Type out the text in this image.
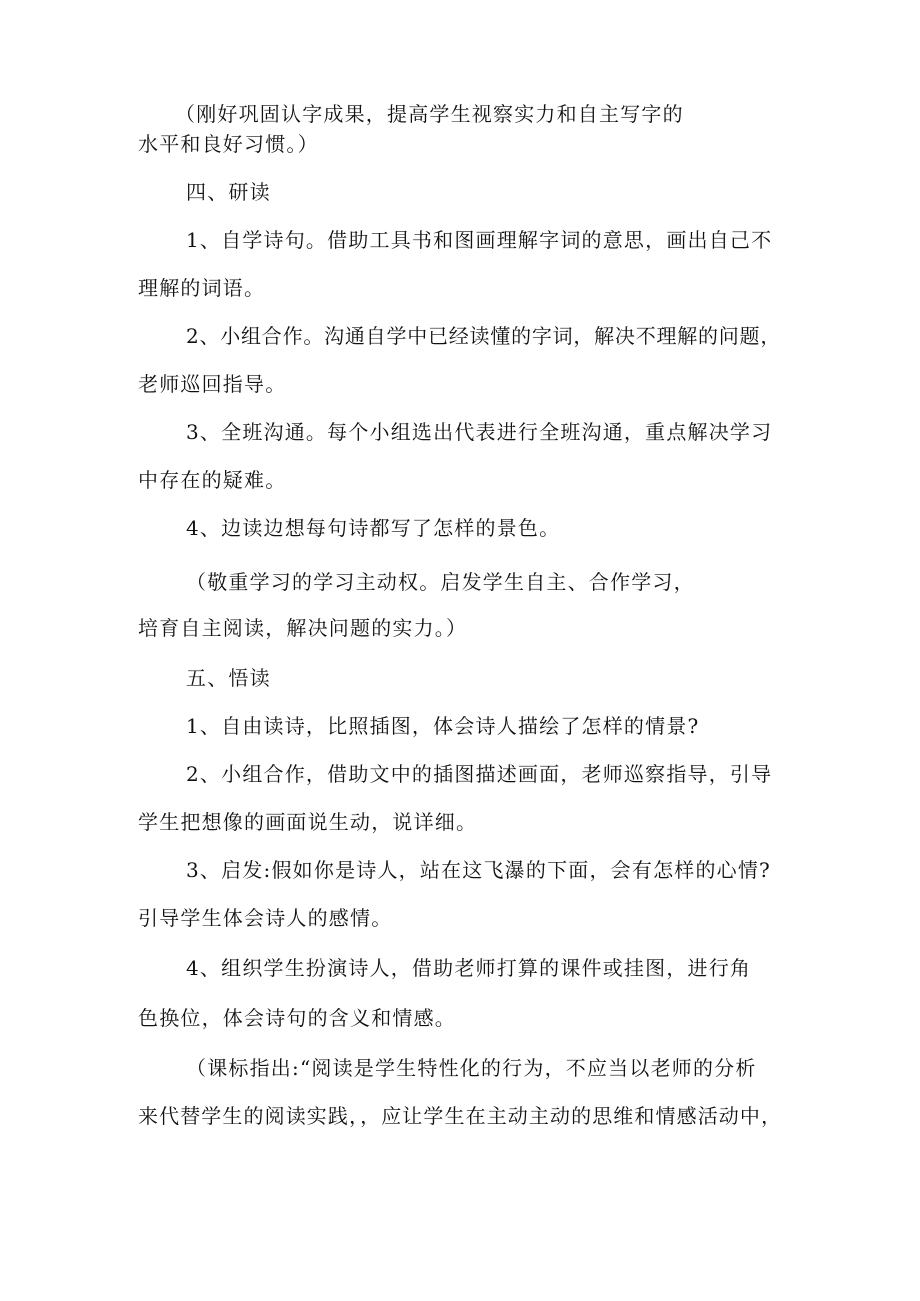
（刚好巩固认字成果，提高学生视察实力和自主写字的
水平和良好习惯。）
四、研读
1、自学诗句。借助工具书和图画理解字词的意思，画出自己不
理解的词语。
2、小组合作。沟通自学中已经读懂的字词，解决不理解的问题，
老师巡回指导。
3、全班沟通。每个小组选出代表进行全班沟通，重点解决学习
中存在的疑难。
4、边读边想每句诗都写了怎样的景色。
（敬重学习的学习主动权。启发学生自主、合作学习，
培育自主阅读，解决问题的实力。）
五、悟读
1、自由读诗，比照插图，体会诗人描绘了怎样的情景?
2、小组合作，借助文中的插图描述画面，老师巡察指导，引导
学生把想像的画面说生动，说详细。
3、启发:假如你是诗人，站在这飞瀑的下面，会有怎样的心情?
引导学生体会诗人的感情。
4、组织学生扮演诗人，借助老师打算的课件或挂图，进行角
色换位，体会诗句的含义和情感。
（课标指出:“阅读是学生特性化的行为，不应当以老师的分析
来代替学生的阅读实践，，应让学生在主动主动的思维和情感活动中，
